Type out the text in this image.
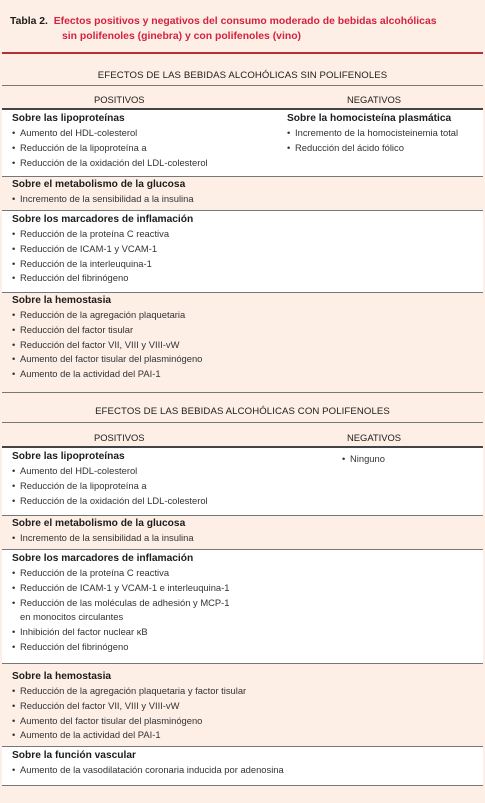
Tabla 2. Efectos positivos y negativos del consumo moderado de bebidas alcohólicas
sin polifenoles (ginebra) y con polifenoles (vino)
EFECTOS DE LAS BEBIDAS ALCOHÓLICAS SIN POLIFENOLES
POSITIVOS	NEGATIVOS
Sobre las lipoproteínas
• Aumento del HDL-colesterol
• Reducción de la lipoproteína a
• Reducción de la oxidación del LDL-colesterol
Sobre la homocisteína plasmática
• Incremento de la homocisteinemia total
• Reducción del ácido fólico
Sobre el metabolismo de la glucosa
• Incremento de la sensibilidad a la insulina
Sobre los marcadores de inflamación
• Reducción de la proteína C reactiva
• Reducción de ICAM-1 y VCAM-1
• Reducción de la interleuquina-1
• Reducción del fibrinógeno
Sobre la hemostasia
• Reducción de la agregación plaquetaria
• Reducción del factor tisular
• Reducción del factor VII, VIII y VIII-vW
• Aumento del factor tisular del plasminógeno
• Aumento de la actividad del PAI-1
EFECTOS DE LAS BEBIDAS ALCOHÓLICAS CON POLIFENOLES
POSITIVOS	NEGATIVOS
Sobre las lipoproteínas
• Aumento del HDL-colesterol
• Reducción de la lipoproteína a
• Reducción de la oxidación del LDL-colesterol
• Ninguno
Sobre el metabolismo de la glucosa
• Incremento de la sensibilidad a la insulina
Sobre los marcadores de inflamación
• Reducción de la proteína C reactiva
• Reducción de ICAM-1 y VCAM-1 e interleuquina-1
• Reducción de las moléculas de adhesión y MCP-1
en monocitos circulantes
• Inhibición del factor nuclear κB
• Reducción del fibrinógeno
Sobre la hemostasia
• Reducción de la agregación plaquetaria y factor tisular
• Reducción del factor VII, VIII y VIII-vW
• Aumento del factor tisular del plasminógeno
• Aumento de la actividad del PAI-1
Sobre la función vascular
• Aumento de la vasodilatación coronaria inducida por adenosina
